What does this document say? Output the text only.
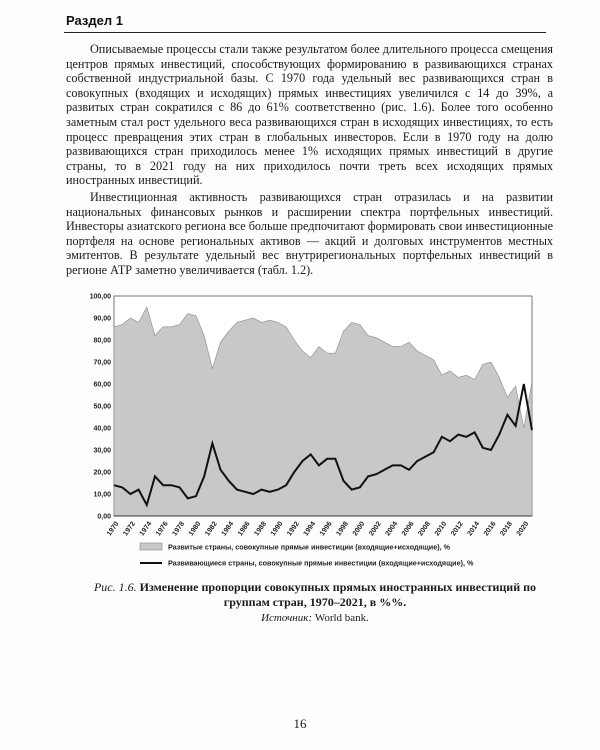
Раздел 1

Описываемые процессы стали также результатом более длительного процесса смещения центров прямых инвестиций, способствующих формированию в развивающихся странах собственной индустриальной базы. С 1970 года удельный вес развивающихся стран в совокупных (входящих и исходящих) прямых инвестициях увеличился с 14 до 39%, а развитых стран сократился с 86 до 61% соответственно (рис. 1.6). Более того особенно заметным стал рост удельного веса развивающихся стран в исходящих инвестициях, то есть процесс превращения этих стран в глобальных инвесторов. Если в 1970 году на долю развивающихся стран приходилось менее 1% исходящих прямых инвестиций в другие страны, то в 2021 году на них приходилось почти треть всех исходящих прямых иностранных инвестиций.

Инвестиционная активность развивающихся стран отразилась и на развитии национальных финансовых рынков и расширении спектра портфельных инвестиций. Инвесторы азиатского региона все больше предпочитают формировать свои инвестиционные портфеля на основе региональных активов — акций и долговых инструментов местных эмитентов. В результате удельный вес внутрирегиональных портфельных инвестиций в регионе АТР заметно увеличивается (табл. 1.2).

0,00
10,00
20,00
30,00
40,00
50,00
60,00
70,00
80,00
90,00
100,00
1970 1972 1974 1976 1978 1980 1982 1984 1986 1988 1990 1992 1994 1996 1998 2000 2002 2004 2006 2008 2010 2012 2014 2016 2018 2020
Развитые страны, совокупные прямые инвестиции (входящие+исходящие), %
Развивающиеся страны, совокупные прямые инвестиции (входящие+исходящие), %
Рис. 1.6. Изменение пропорции совокупных прямых иностранных инвестиций по группам стран, 1970–2021, в %%.
Источник: World bank.
16
